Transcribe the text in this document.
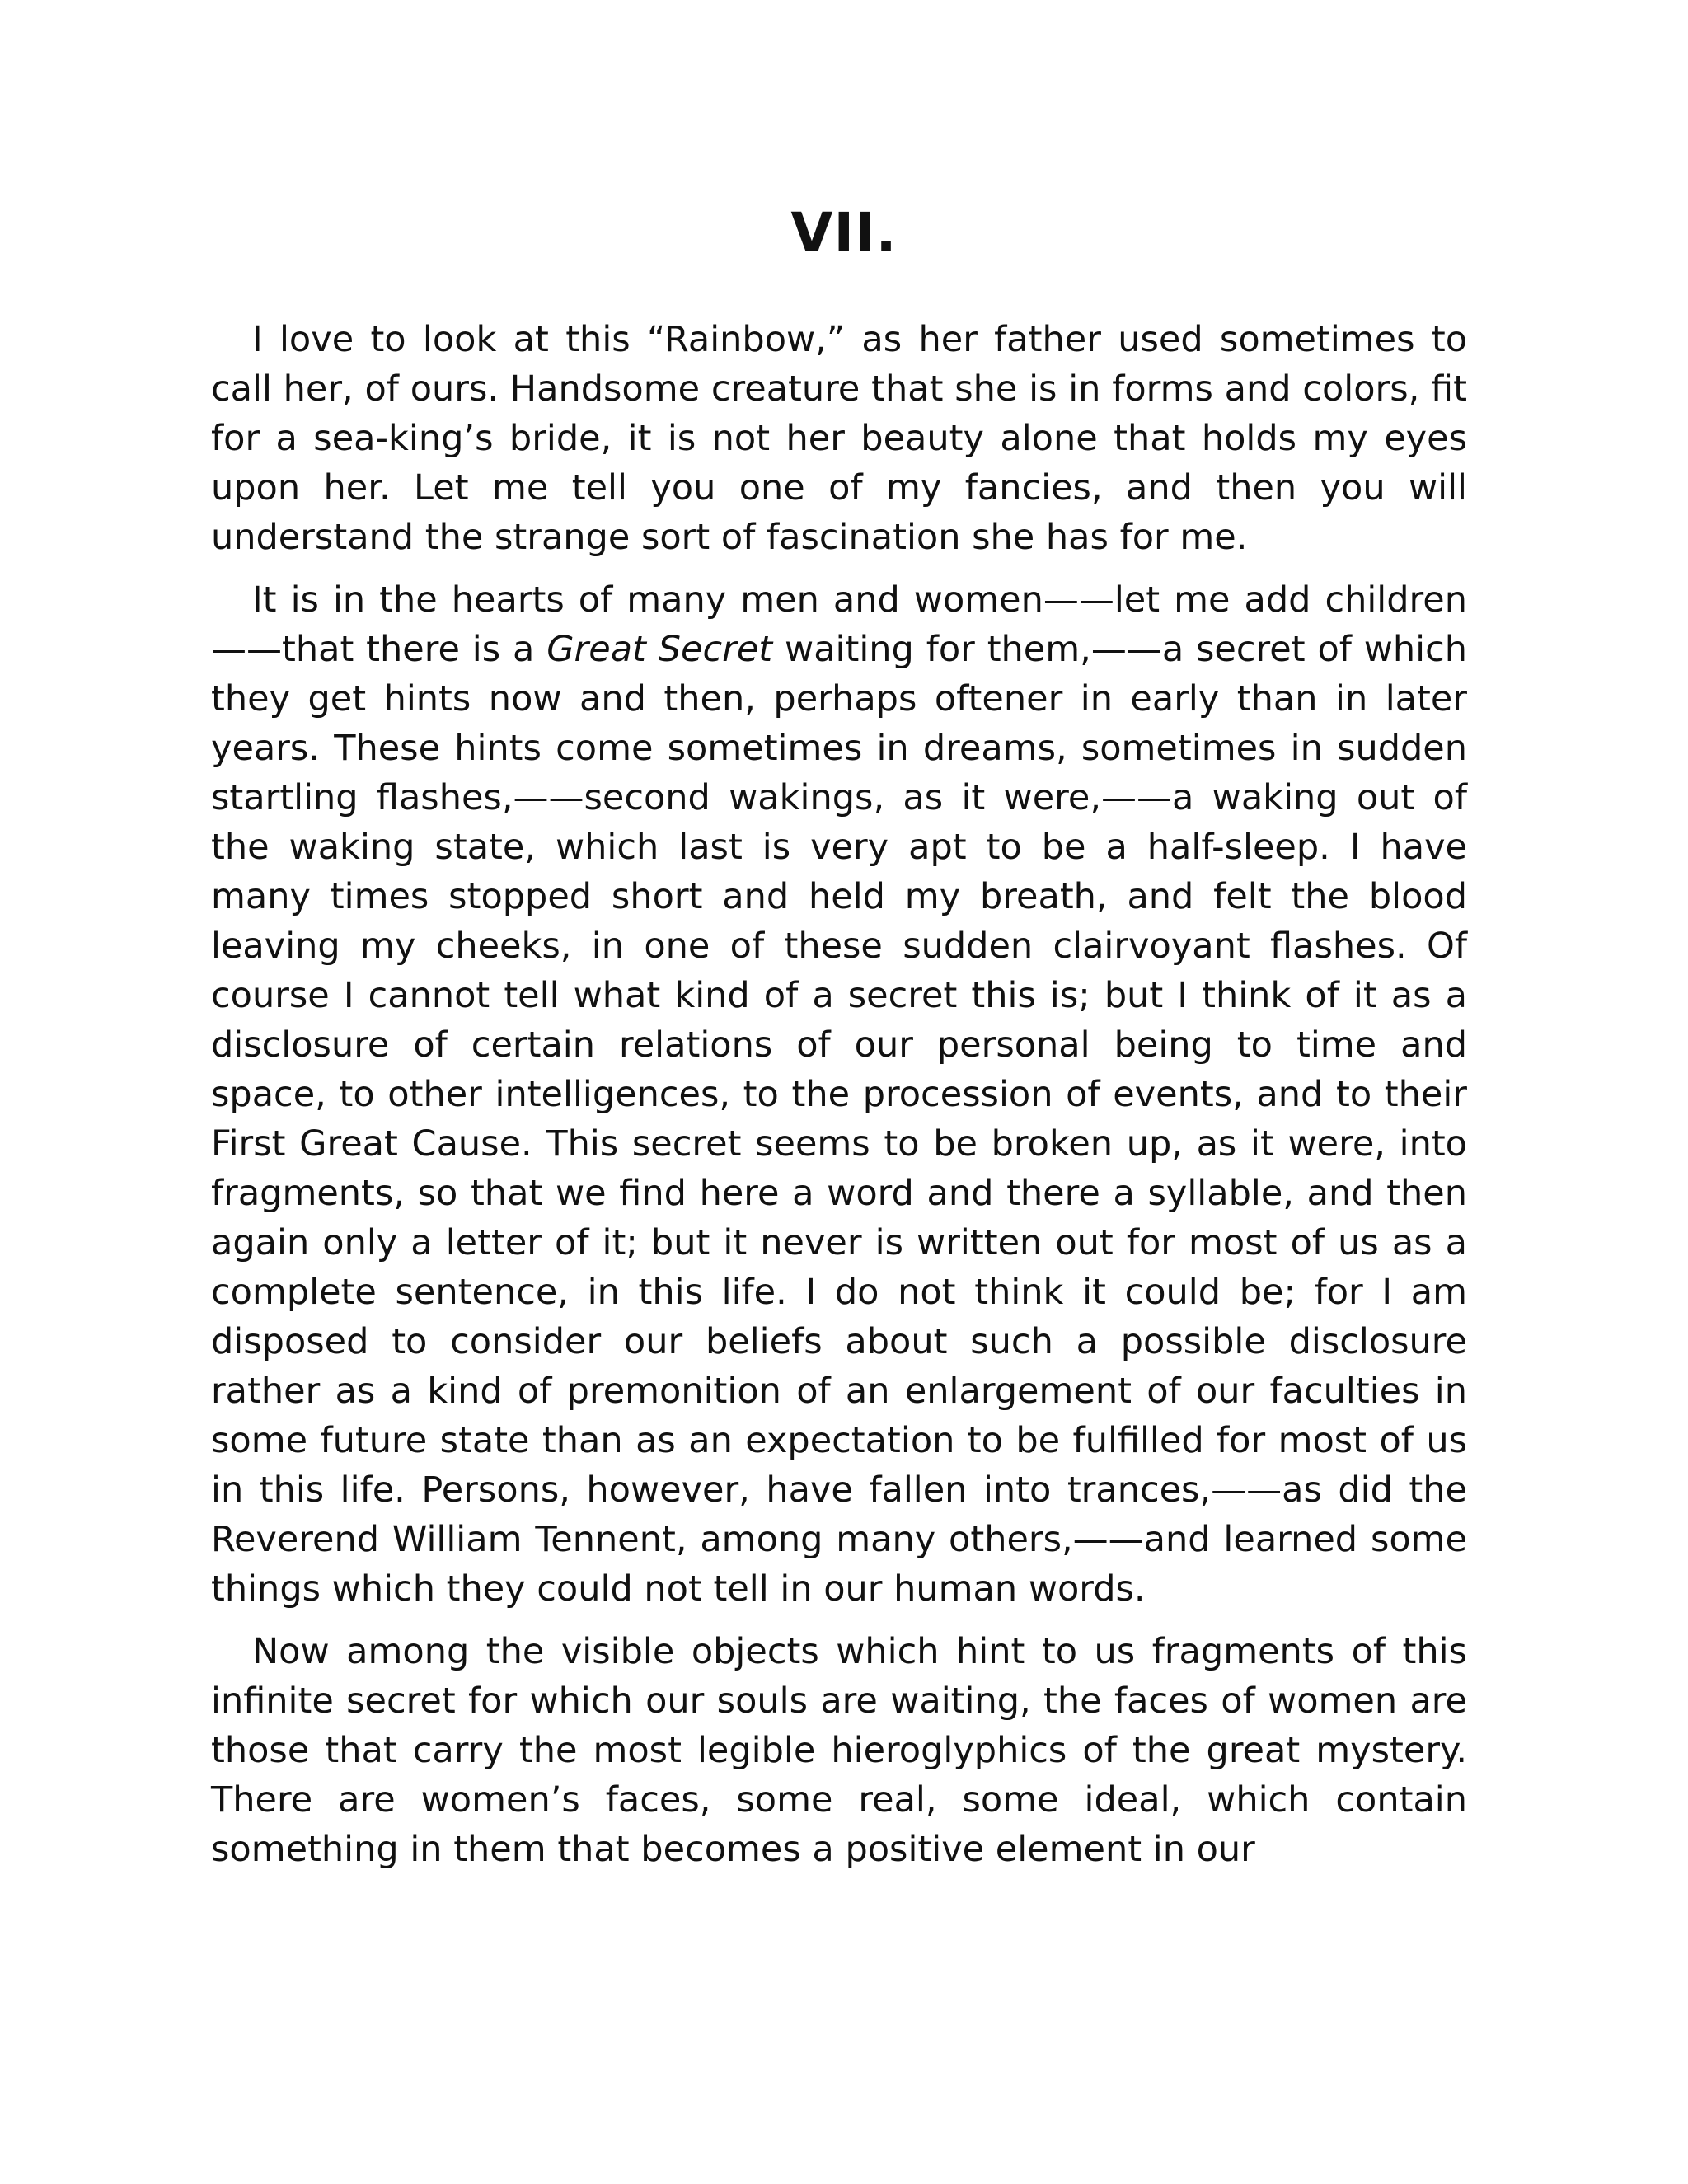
VII.

I love to look at this “Rainbow,” as her father used sometimes to call her, of ours. Handsome creature that she is in forms and colors, fit for a sea-king’s bride, it is not her beauty alone that holds my eyes upon her. Let me tell you one of my fancies, and then you will understand the strange sort of fascination she has for me.

It is in the hearts of many men and women——let me add children ——that there is a Great Secret waiting for them,——a secret of which they get hints now and then, perhaps oftener in early than in later years. These hints come sometimes in dreams, sometimes in sudden startling flashes,——second wakings, as it were,——a waking out of the waking state, which last is very apt to be a half-sleep. I have many times stopped short and held my breath, and felt the blood leaving my cheeks, in one of these sudden clairvoyant flashes. Of course I cannot tell what kind of a secret this is; but I think of it as a disclosure of certain relations of our personal being to time and space, to other intelligences, to the procession of events, and to their First Great Cause. This secret seems to be broken up, as it were, into fragments, so that we find here a word and there a syllable, and then again only a letter of it; but it never is written out for most of us as a complete sentence, in this life. I do not think it could be; for I am disposed to consider our beliefs about such a possible disclosure rather as a kind of premonition of an enlargement of our faculties in some future state than as an expectation to be fulfilled for most of us in this life. Persons, however, have fallen into trances,——as did the Reverend William Tennent, among many others,——and learned some things which they could not tell in our human words.

Now among the visible objects which hint to us fragments of this infinite secret for which our souls are waiting, the faces of women are those that carry the most legible hieroglyphics of the great mystery. There are women’s faces, some real, some ideal, which contain something in them that becomes a positive element in our
